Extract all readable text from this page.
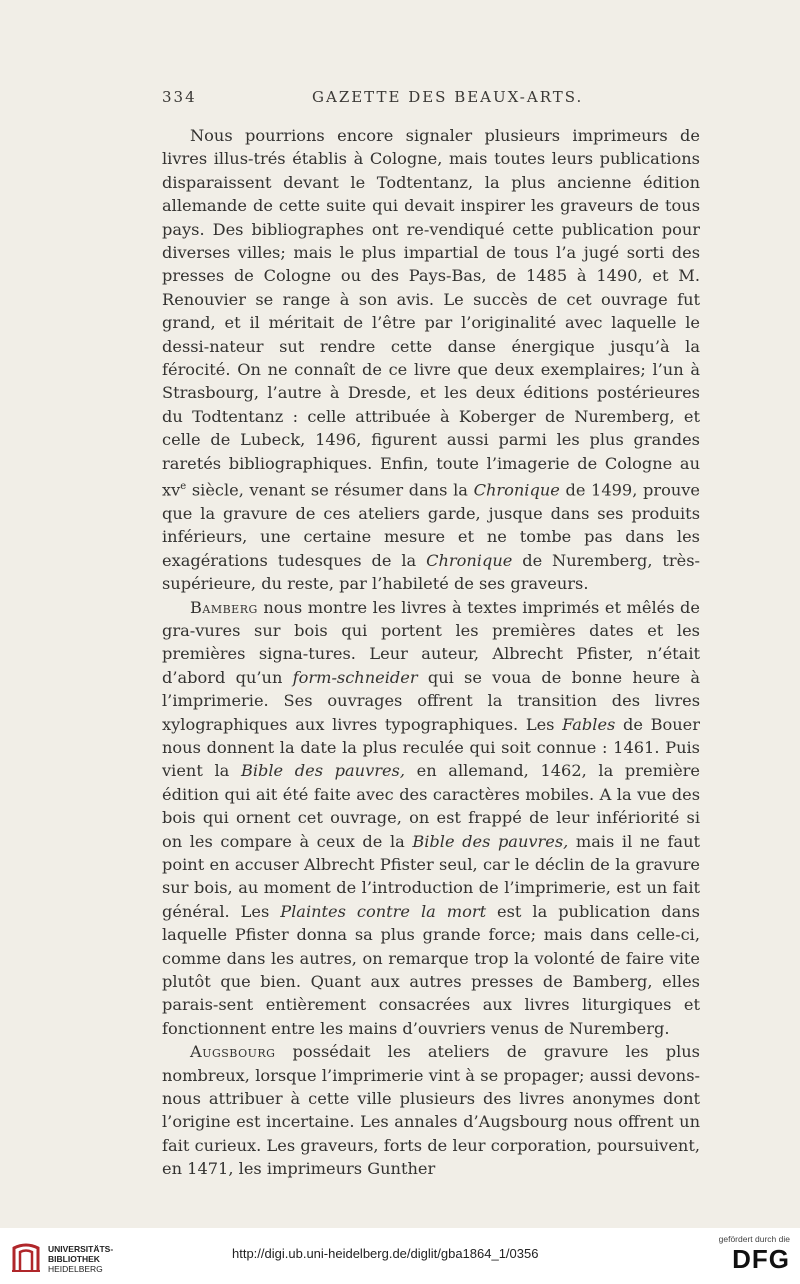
334	GAZETTE DES BEAUX-ARTS.

Nous pourrions encore signaler plusieurs imprimeurs de livres illus-trés établis à Cologne, mais toutes leurs publications disparaissent devant le Todtentanz, la plus ancienne édition allemande de cette suite qui devait inspirer les graveurs de tous pays. Des bibliographes ont re-vendiqué cette publication pour diverses villes; mais le plus impartial de tous l’a jugé sorti des presses de Cologne ou des Pays-Bas, de 1485 à 1490, et M. Renouvier se range à son avis. Le succès de cet ouvrage fut grand, et il méritait de l’être par l’originalité avec laquelle le dessi-nateur sut rendre cette danse énergique jusqu’à la férocité. On ne connaît de ce livre que deux exemplaires; l’un à Strasbourg, l’autre à Dresde, et les deux éditions postérieures du Todtentanz : celle attribuée à Koberger de Nuremberg, et celle de Lubeck, 1496, figurent aussi parmi les plus grandes raretés bibliographiques. Enfin, toute l’imagerie de Cologne au $xv^e$ siècle, venant se résumer dans la Chronique de 1499, prouve que la gravure de ces ateliers garde, jusque dans ses produits inférieurs, une certaine mesure et ne tombe pas dans les exagérations tudesques de la Chronique de Nuremberg, très-supérieure, du reste, par l’habileté de ses graveurs.

Bamberg nous montre les livres à textes imprimés et mêlés de gra-vures sur bois qui portent les premières dates et les premières signa-tures. Leur auteur, Albrecht Pfister, n’était d’abord qu’un form-schneider qui se voua de bonne heure à l’imprimerie. Ses ouvrages offrent la transition des livres xylographiques aux livres typographiques. Les Fables de Bouer nous donnent la date la plus reculée qui soit connue : 1461. Puis vient la Bible des pauvres, en allemand, 1462, la première édition qui ait été faite avec des caractères mobiles. A la vue des bois qui ornent cet ouvrage, on est frappé de leur infériorité si on les compare à ceux de la Bible des pauvres, mais il ne faut point en accuser Albrecht Pfister seul, car le déclin de la gravure sur bois, au moment de l’introduction de l’imprimerie, est un fait général. Les Plaintes contre la mort est la publication dans laquelle Pfister donna sa plus grande force; mais dans celle-ci, comme dans les autres, on remarque trop la volonté de faire vite plutôt que bien. Quant aux autres presses de Bamberg, elles parais-sent entièrement consacrées aux livres liturgiques et fonctionnent entre les mains d’ouvriers venus de Nuremberg.

Augsbourg possédait les ateliers de gravure les plus nombreux, lorsque l’imprimerie vint à se propager; aussi devons-nous attribuer à cette ville plusieurs des livres anonymes dont l’origine est incertaine. Les annales d’Augsbourg nous offrent un fait curieux. Les graveurs, forts de leur corporation, poursuivent, en 1471, les imprimeurs Gunther

UNIVERSITÄTS-
BIBLIOTHEK
HEIDELBERG
http://digi.ub.uni-heidelberg.de/diglit/gba1864_1/0356
gefördert durch die
DFG
